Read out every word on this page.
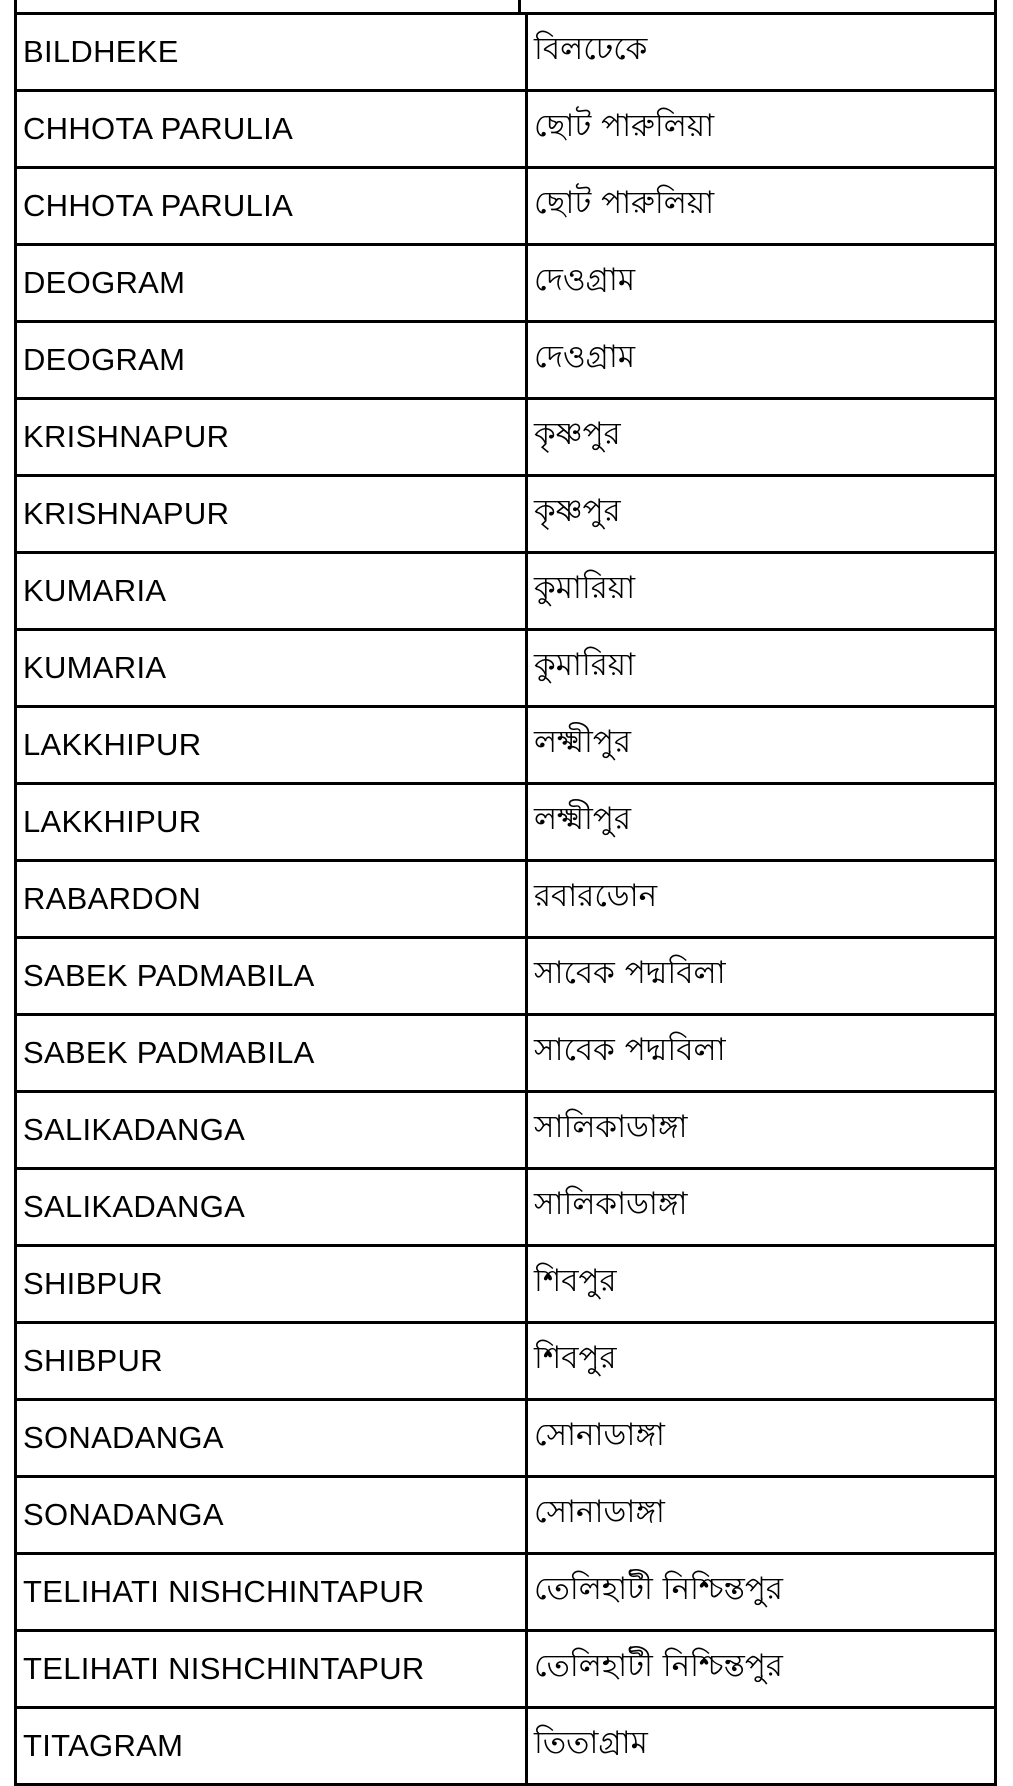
BILDHEKE	বিলঢেকে
CHHOTA PARULIA	ছোট পারুলিয়া
CHHOTA PARULIA	ছোট পারুলিয়া
DEOGRAM	দেওগ্রাম
DEOGRAM	দেওগ্রাম
KRISHNAPUR	কৃষ্ণপুর
KRISHNAPUR	কৃষ্ণপুর
KUMARIA	কুমারিয়া
KUMARIA	কুমারিয়া
LAKKHIPUR	লক্ষ্মীপুর
LAKKHIPUR	লক্ষ্মীপুর
RABARDON	রবারডোন
SABEK PADMABILA	সাবেক পদ্মবিলা
SABEK PADMABILA	সাবেক পদ্মবিলা
SALIKADANGA	সালিকাডাঙ্গা
SALIKADANGA	সালিকাডাঙ্গা
SHIBPUR	শিবপুর
SHIBPUR	শিবপুর
SONADANGA	সোনাডাঙ্গা
SONADANGA	সোনাডাঙ্গা
TELIHATI NISHCHINTAPUR	তেলিহাটী নিশ্চিন্তপুর
TELIHATI NISHCHINTAPUR	তেলিহাটী নিশ্চিন্তপুর
TITAGRAM	তিতাগ্রাম
